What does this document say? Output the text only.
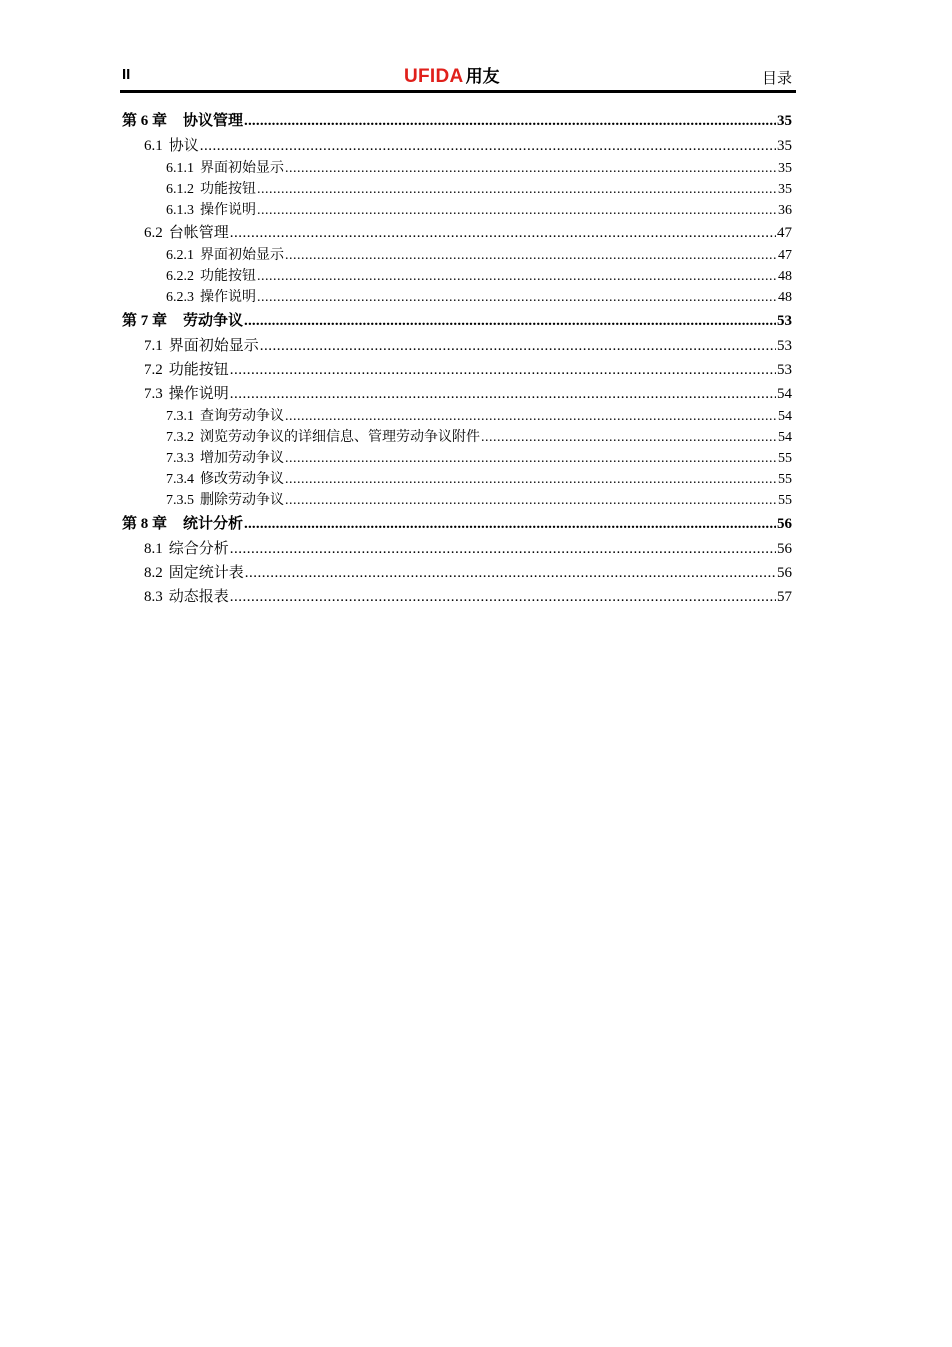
II	UFIDA 用友	目录
第 6 章 协议管理 .....	35
6.1 协议 .....	35
6.1.1 界面初始显示 .....	35
6.1.2 功能按钮 .....	35
6.1.3 操作说明 .....	36
6.2 台帐管理 .....	47
6.2.1 界面初始显示 .....	47
6.2.2 功能按钮 .....	48
6.2.3 操作说明 .....	48
第 7 章 劳动争议 .....	53
7.1 界面初始显示 .....	53
7.2 功能按钮 .....	53
7.3 操作说明 .....	54
7.3.1 查询劳动争议 .....	54
7.3.2 浏览劳动争议的详细信息、管理劳动争议附件 .....	54
7.3.3 增加劳动争议 .....	55
7.3.4 修改劳动争议 .....	55
7.3.5 删除劳动争议 .....	55
第 8 章 统计分析 .....	56
8.1 综合分析 .....	56
8.2 固定统计表 .....	56
8.3 动态报表 .....	57
